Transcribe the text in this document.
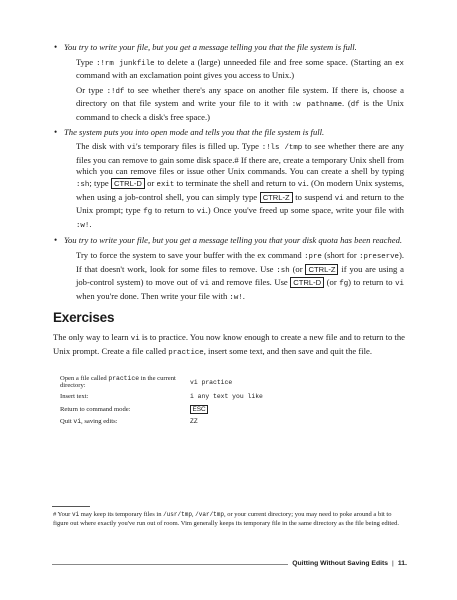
• You try to write your file, but you get a message telling you that the file system is full.

Type :!rm junkfile to delete a (large) unneeded file and free some space. (Starting an ex command with an exclamation point gives you access to Unix.)

Or type :!df to see whether there's any space on another file system. If there is, choose a directory on that file system and write your file to it with :w pathname. (df is the Unix command to check a disk's free space.)

• The system puts you into open mode and tells you that the file system is full.

The disk with vi's temporary files is filled up. Type :!ls /tmp to see whether there are any files you can remove to gain some disk space.# If there are, create a temporary Unix shell from which you can remove files or issue other Unix commands. You can create a shell by typing :sh; type CTRL-D or exit to terminate the shell and return to vi. (On modern Unix systems, when using a job-control shell, you can simply type CTRL-Z to suspend vi and return to the Unix prompt; type fg to return to vi.) Once you've freed up some space, write your file with :w!.

• You try to write your file, but you get a message telling you that your disk quota has been reached.

Try to force the system to save your buffer with the ex command :pre (short for :preserve). If that doesn't work, look for some files to remove. Use :sh (or CTRL-Z if you are using a job-control system) to move out of vi and remove files. Use CTRL-D (or fg) to return to vi when you're done. Then write your file with :w!.

Exercises

The only way to learn vi is to practice. You now know enough to create a new file and to return to the Unix prompt. Create a file called practice, insert some text, and then save and quit the file.

Open a file called practice in the current directory:	vi practice
Insert text:	i any text you like
Return to command mode:	ESC
Quit vi, saving edits:	ZZ

# Your vi may keep its temporary files in /usr/tmp, /var/tmp, or your current directory; you may need to poke around a bit to figure out where exactly you've run out of room. Vim generally keeps its temporary file in the same directory as the file being edited.

Quitting Without Saving Edits | 11
